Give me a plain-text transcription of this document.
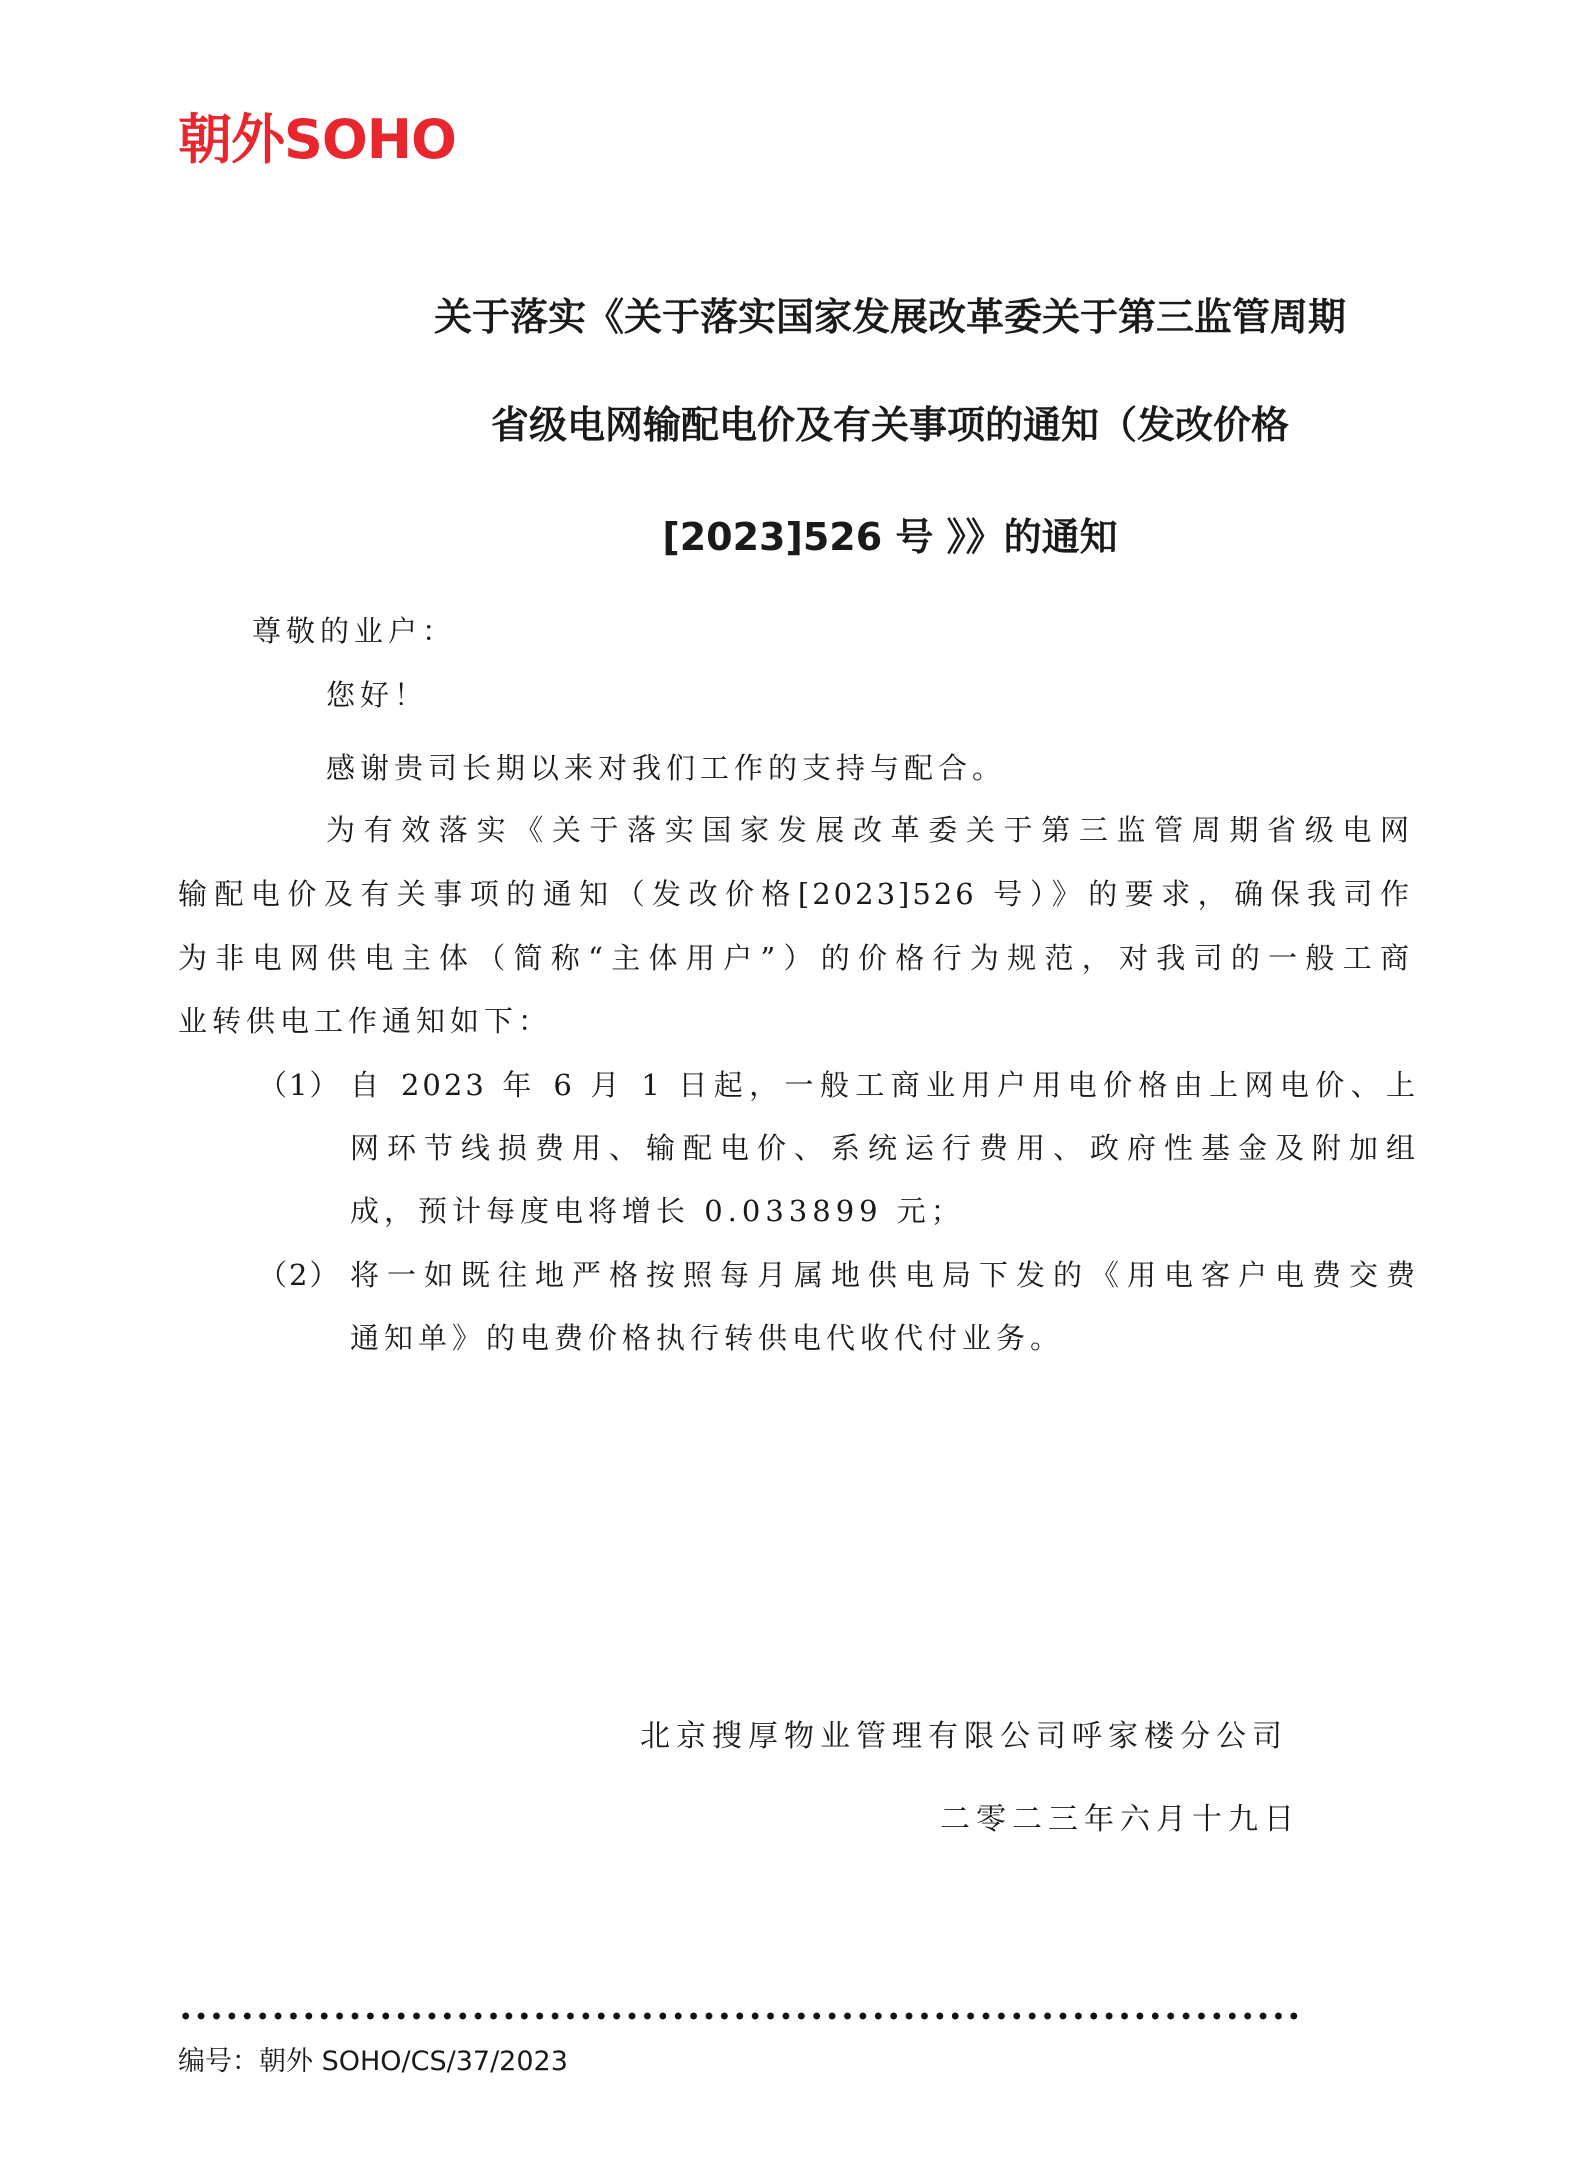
朝外SOHO
关于落实《关于落实国家发展改革委关于第三监管周期
省级电网输配电价及有关事项的通知（发改价格
[2023]526 号 》》的通知
尊敬的业户：
您好！
感谢贵司长期以来对我们工作的支持与配合。
为有效落实《关于落实国家发展改革委关于第三监管周期省级电网
输配电价及有关事项的通知（发改价格[2023]526 号）》的要求，确保我司作
为非电网供电主体（简称“主体用户”）的价格行为规范，对我司的一般工商
业转供电工作通知如下：
（1） 自 2023 年 6 月 1 日起，一般工商业用户用电价格由上网电价、上
网环节线损费用、输配电价、系统运行费用、政府性基金及附加组
成，预计每度电将增长 0.033899 元；
（2） 将一如既往地严格按照每月属地供电局下发的《用电客户电费交费
通知单》的电费价格执行转供电代收代付业务。
北京搜厚物业管理有限公司呼家楼分公司
二零二三年六月十九日
编号：朝外 SOHO/CS/37/2023
